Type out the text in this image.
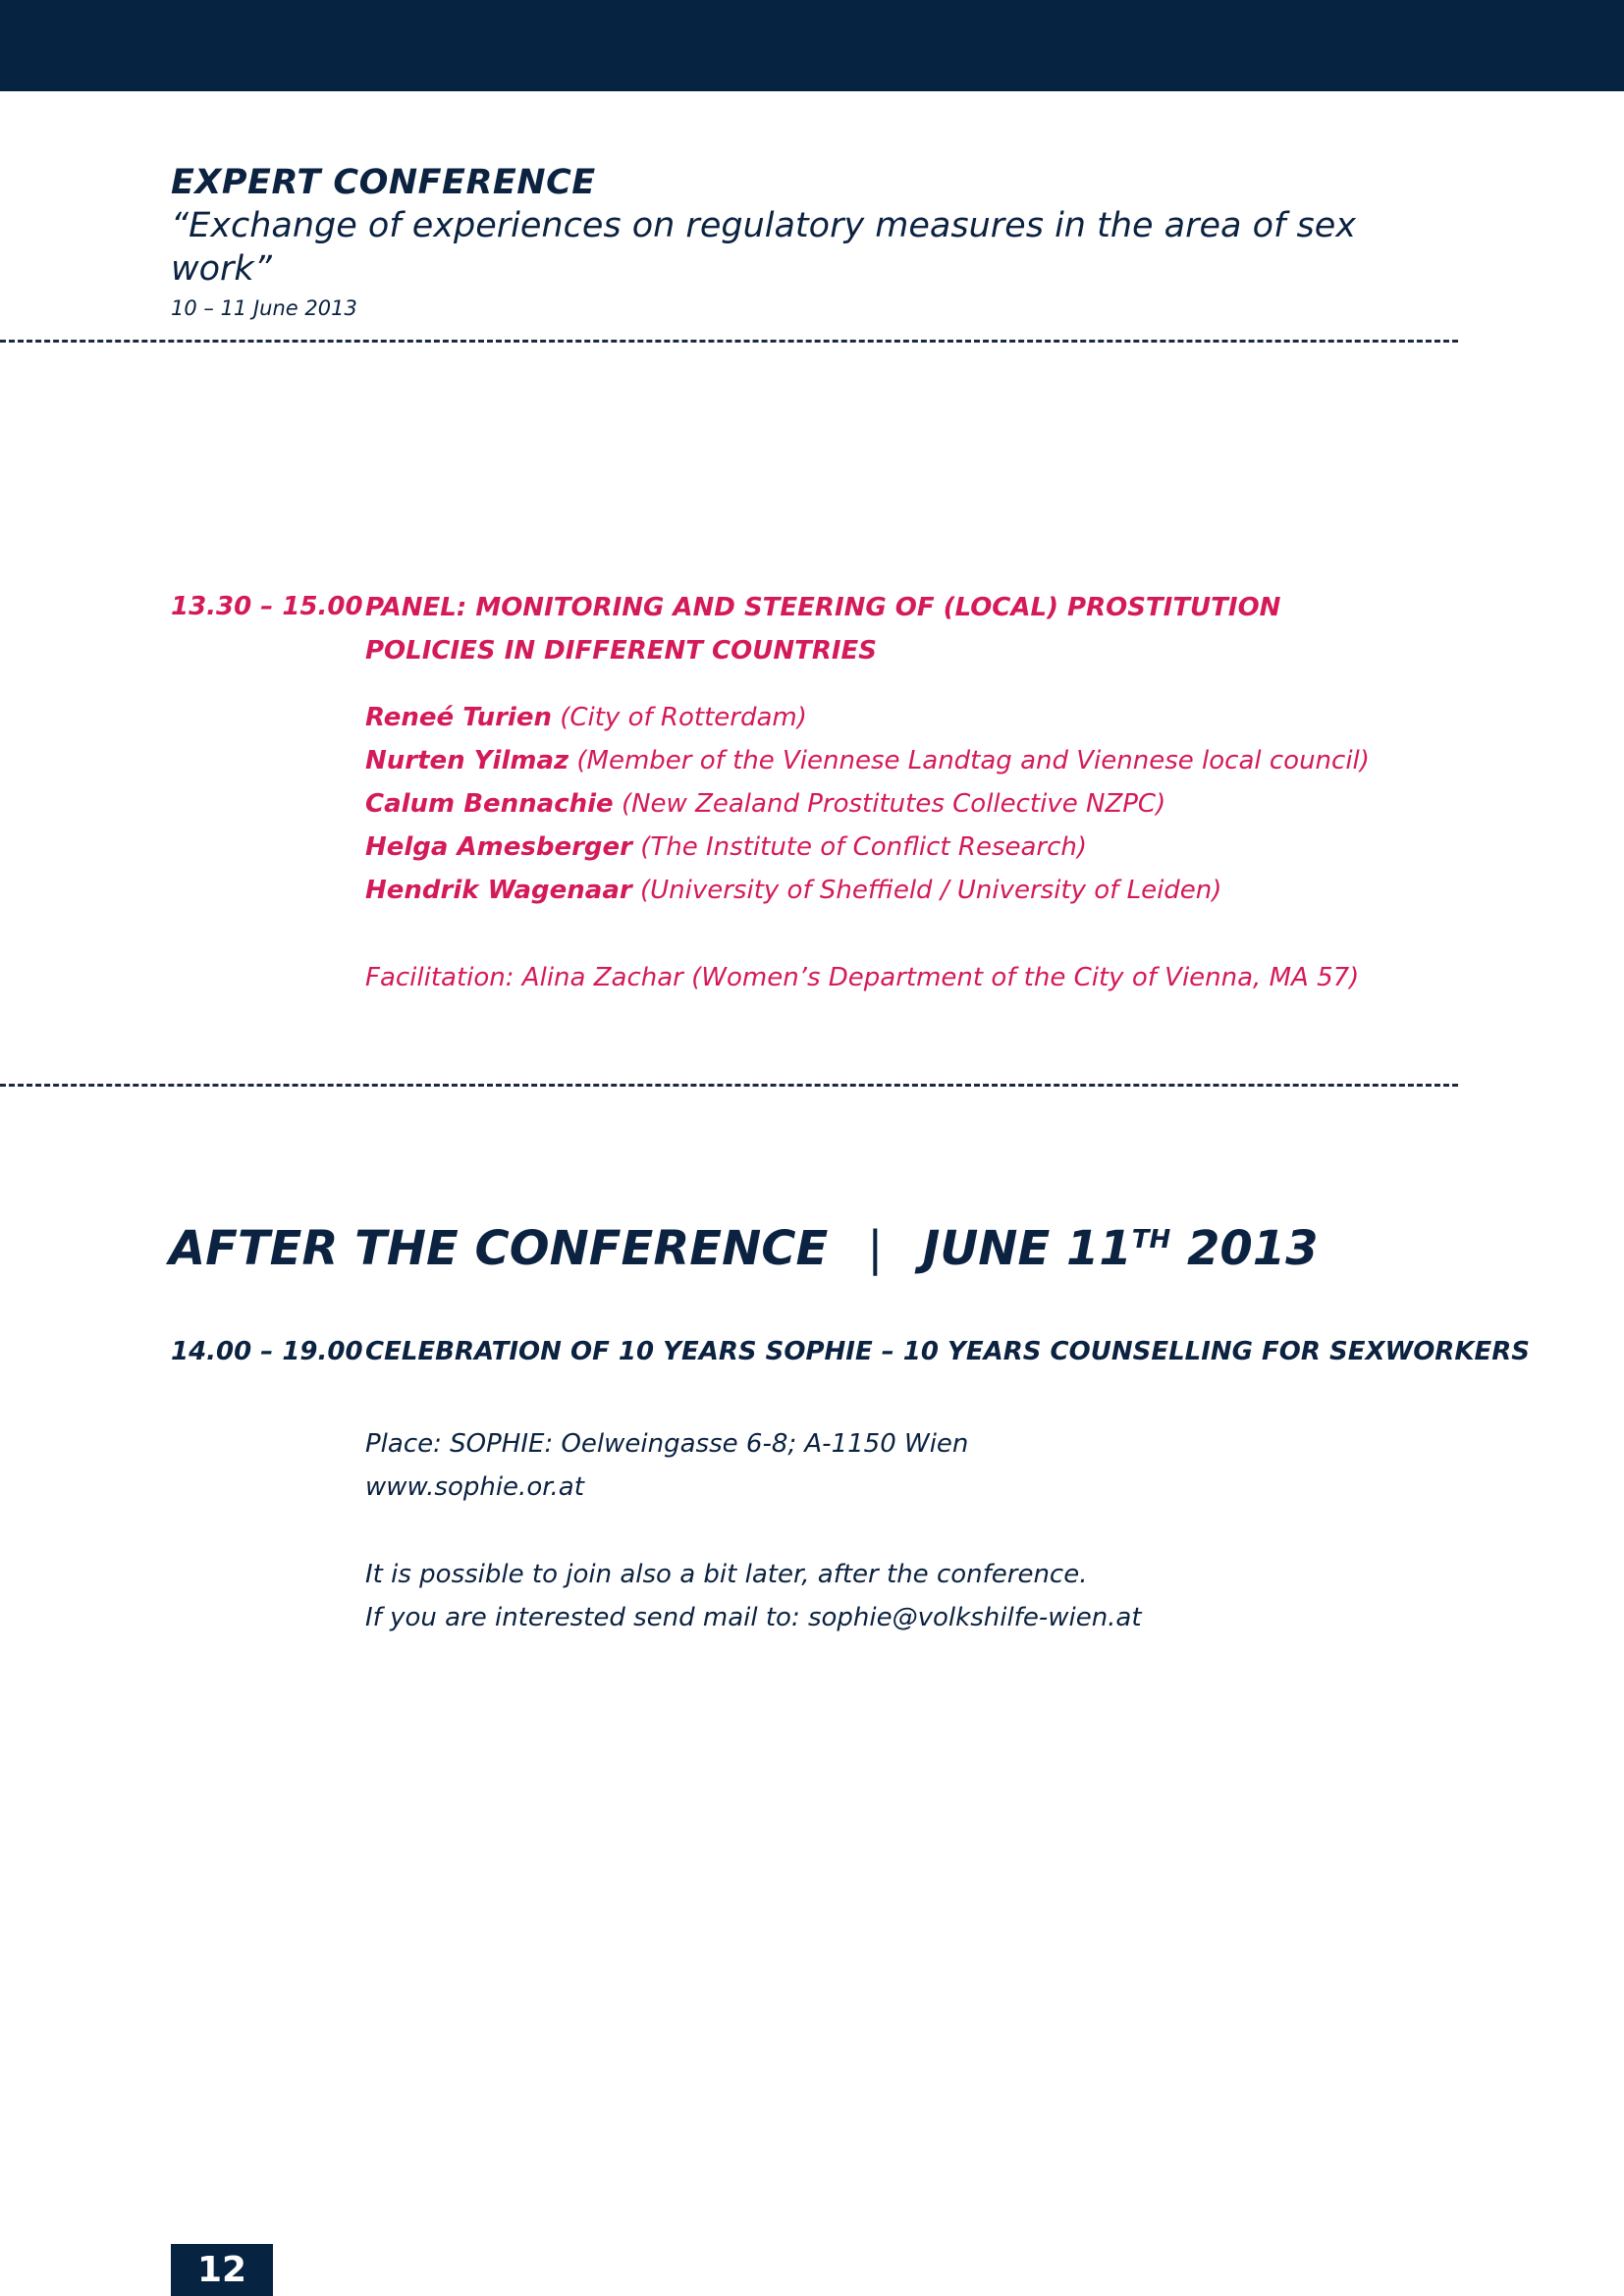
EXPERT CONFERENCE
“Exchange of experiences on regulatory measures in the area of sex work”
10 – 11 June 2013
13.30 – 15.00 PANEL: MONITORING AND STEERING OF (LOCAL) PROSTITUTION
POLICIES IN DIFFERENT COUNTRIES
Reneé Turien (City of Rotterdam)
Nurten Yilmaz (Member of the Viennese Landtag and Viennese local council)
Calum Bennachie (New Zealand Prostitutes Collective NZPC)
Helga Amesberger (The Institute of Conflict Research)
Hendrik Wagenaar (University of Sheffield / University of Leiden)
Facilitation: Alina Zachar (Women’s Department of the City of Vienna, MA 57)
AFTER THE CONFERENCE | JUNE 11TH 2013
14.00 – 19.00 CELEBRATION OF 10 YEARS SOPHIE – 10 YEARS COUNSELLING FOR SEXWORKERS
Place: SOPHIE: Oelweingasse 6-8; A-1150 Wien
www.sophie.or.at
It is possible to join also a bit later, after the conference.
If you are interested send mail to: sophie@volkshilfe-wien.at
12
